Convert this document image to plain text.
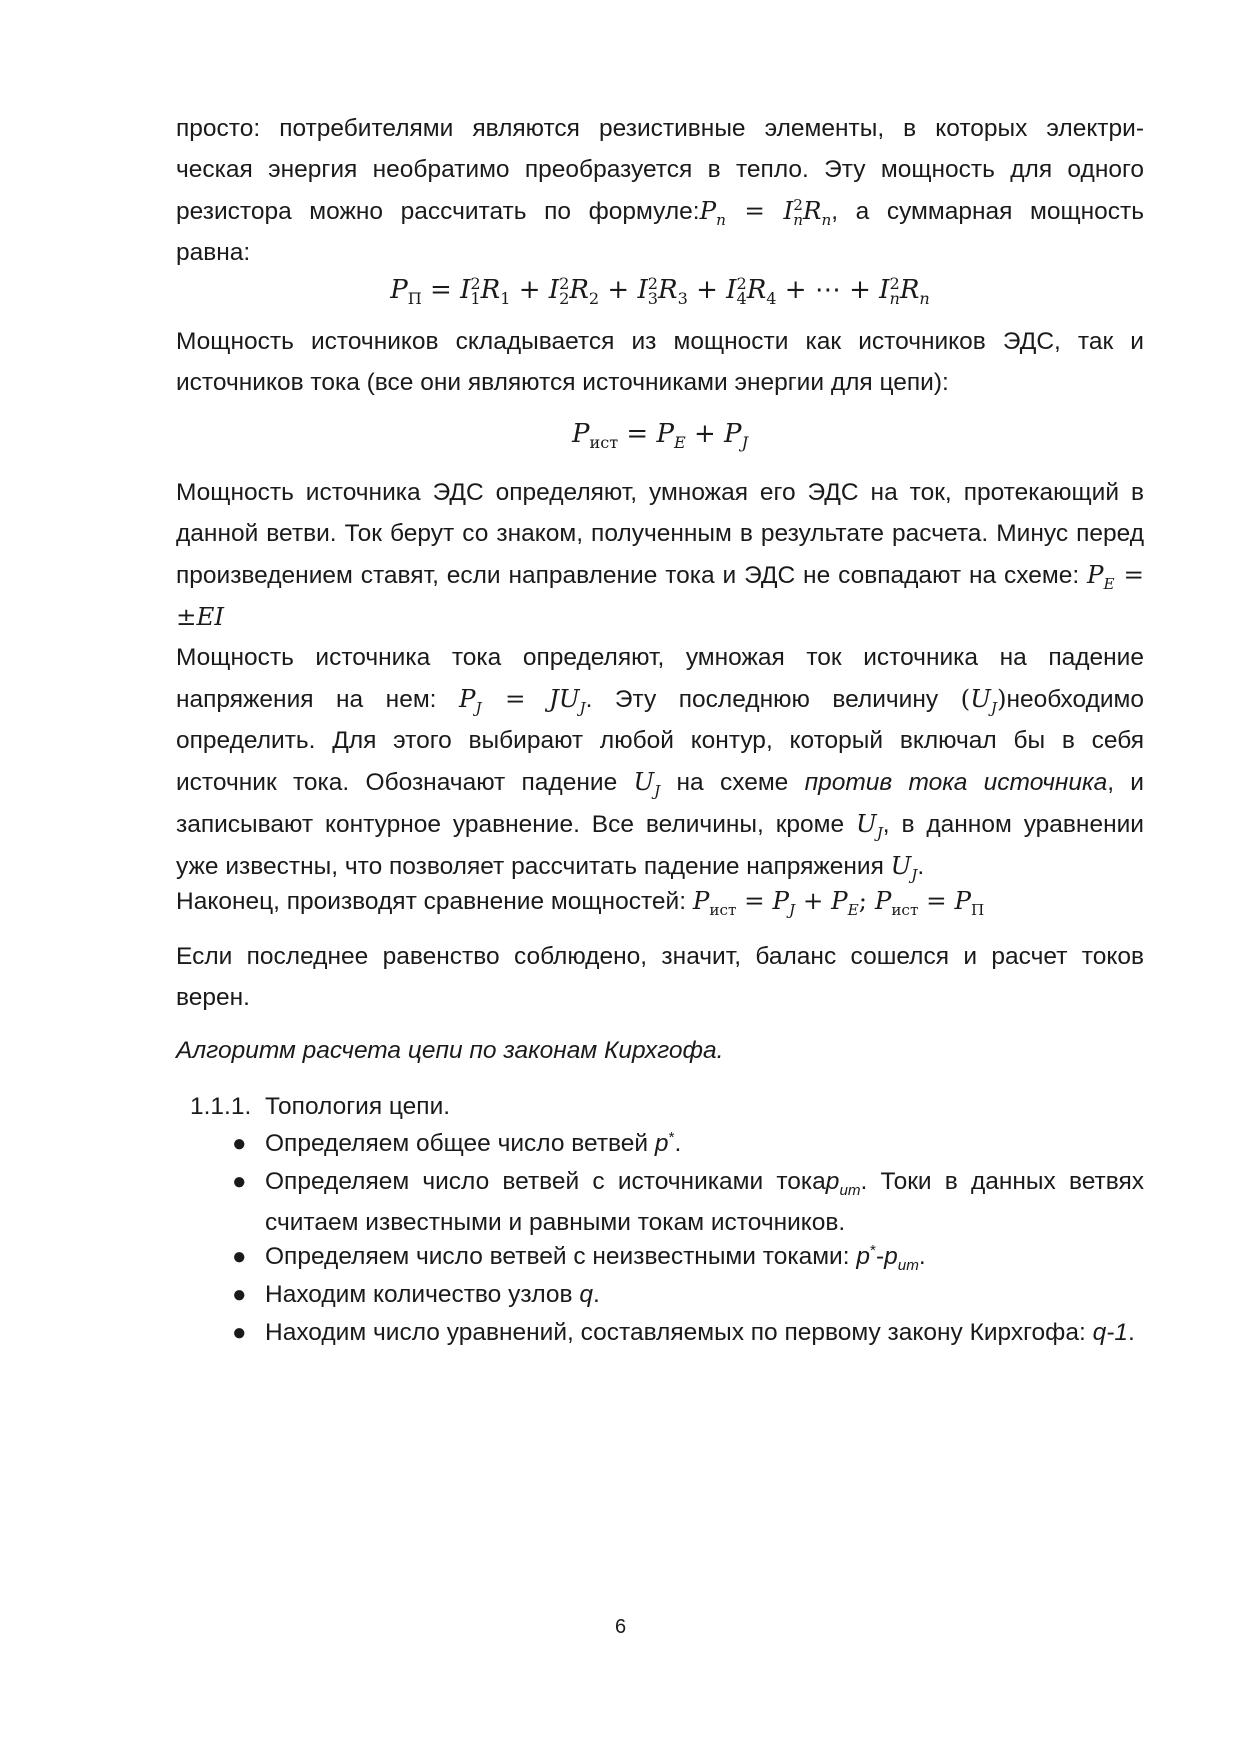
просто: потребителями являются резистивные элементы, в которых электри-
ческая энергия необратимо преобразуется в тепло. Эту мощность для одного
резистора можно рассчитать по $формуле:P_n = I$ 2
n $R_n$, а суммарная мощность
равна:
$P_П = I$ 2
1 $R_1 + I$ 2
2 $R_2 + I$ 2
3 $R_3 + I$ 2
4 $R_4$ + ⋯ + I 2
n $R_n$
Мощность источников складывается из мощности как источников ЭДС, так и источников тока (все они являются источниками энергии для цепи):
$P_{ист} = P_E + P_J$
Мощность источника ЭДС определяют, умножая его ЭДС на ток, протекающий в данной ветви. Ток берут со знаком, полученным в результате расчета. Минус перед произведением ставят, если направление тока и ЭДС не совпадают на схеме: $P_E = \pm EI$
Мощность источника тока определяют, умножая ток источника на падение напряжения на нем: $P_J = JU_J$. Эту последнюю величину $(U_J)необходимо$ определить. Для этого выбирают любой контур, который включал бы в себя источник тока. Обозначают падение $U_J$ на схеме против тока источника, и записывают контурное уравнение. Все величины, кроме $U_J$, в данном уравнении уже известны, что позволяет рассчитать падение напряжения $U_J$.
Наконец, производят сравнение мощностей: $P_{ист} = P_J + P_E$; $P_{ист} = P_П$
Если последнее равенство соблюдено, значит, баланс сошелся и расчет токов верен.
Алгоритм расчета цепи по законам Кирхгофа.
1.1.1. Топология цепи.
● Определяем общее число ветвей p*.
● Определяем число ветвей с источниками токаp$_{ит}$. Токи в данных ветвях считаем известными и равными токам источников.
● Определяем число ветвей с неизвестными токами: $p^*-p_{ит}$.
● Находим количество узлов q.
● Находим число уравнений, составляемых по первому закону Кирхгофа: q-1.
6
